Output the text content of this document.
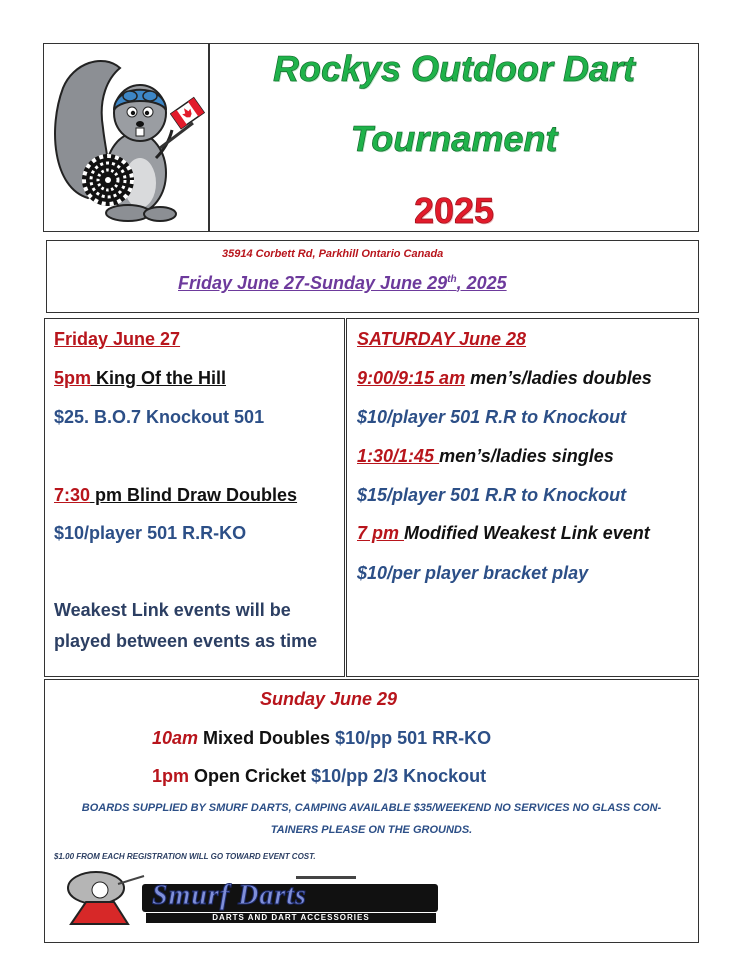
Rockys Outdoor Dart
Tournament
2025
35914 Corbett Rd, Parkhill Ontario Canada
Friday June 27-Sunday June 29th, 2025
Friday June 27
5pm King Of the Hill
$25. B.O.7 Knockout 501
7:30 pm Blind Draw Doubles
$10/player 501 R.R-KO
Weakest Link events will be
played between events as time
SATURDAY June 28
9:00/9:15 am men’s/ladies doubles
$10/player 501 R.R to Knockout
1:30/1:45 men’s/ladies singles
$15/player 501 R.R to Knockout
7 pm Modified Weakest Link event
$10/per player bracket play
Sunday June 29
10am Mixed Doubles $10/pp 501 RR-KO
1pm Open Cricket $10/pp 2/3 Knockout
BOARDS SUPPLIED BY SMURF DARTS, CAMPING AVAILABLE $35/WEEKEND NO SERVICES NO GLASS CON-
TAINERS PLEASE ON THE GROUNDS.
$1.00 FROM EACH REGISTRATION WILL GO TOWARD EVENT COST.
Smurf Darts
DARTS AND DART ACCESSORIES
